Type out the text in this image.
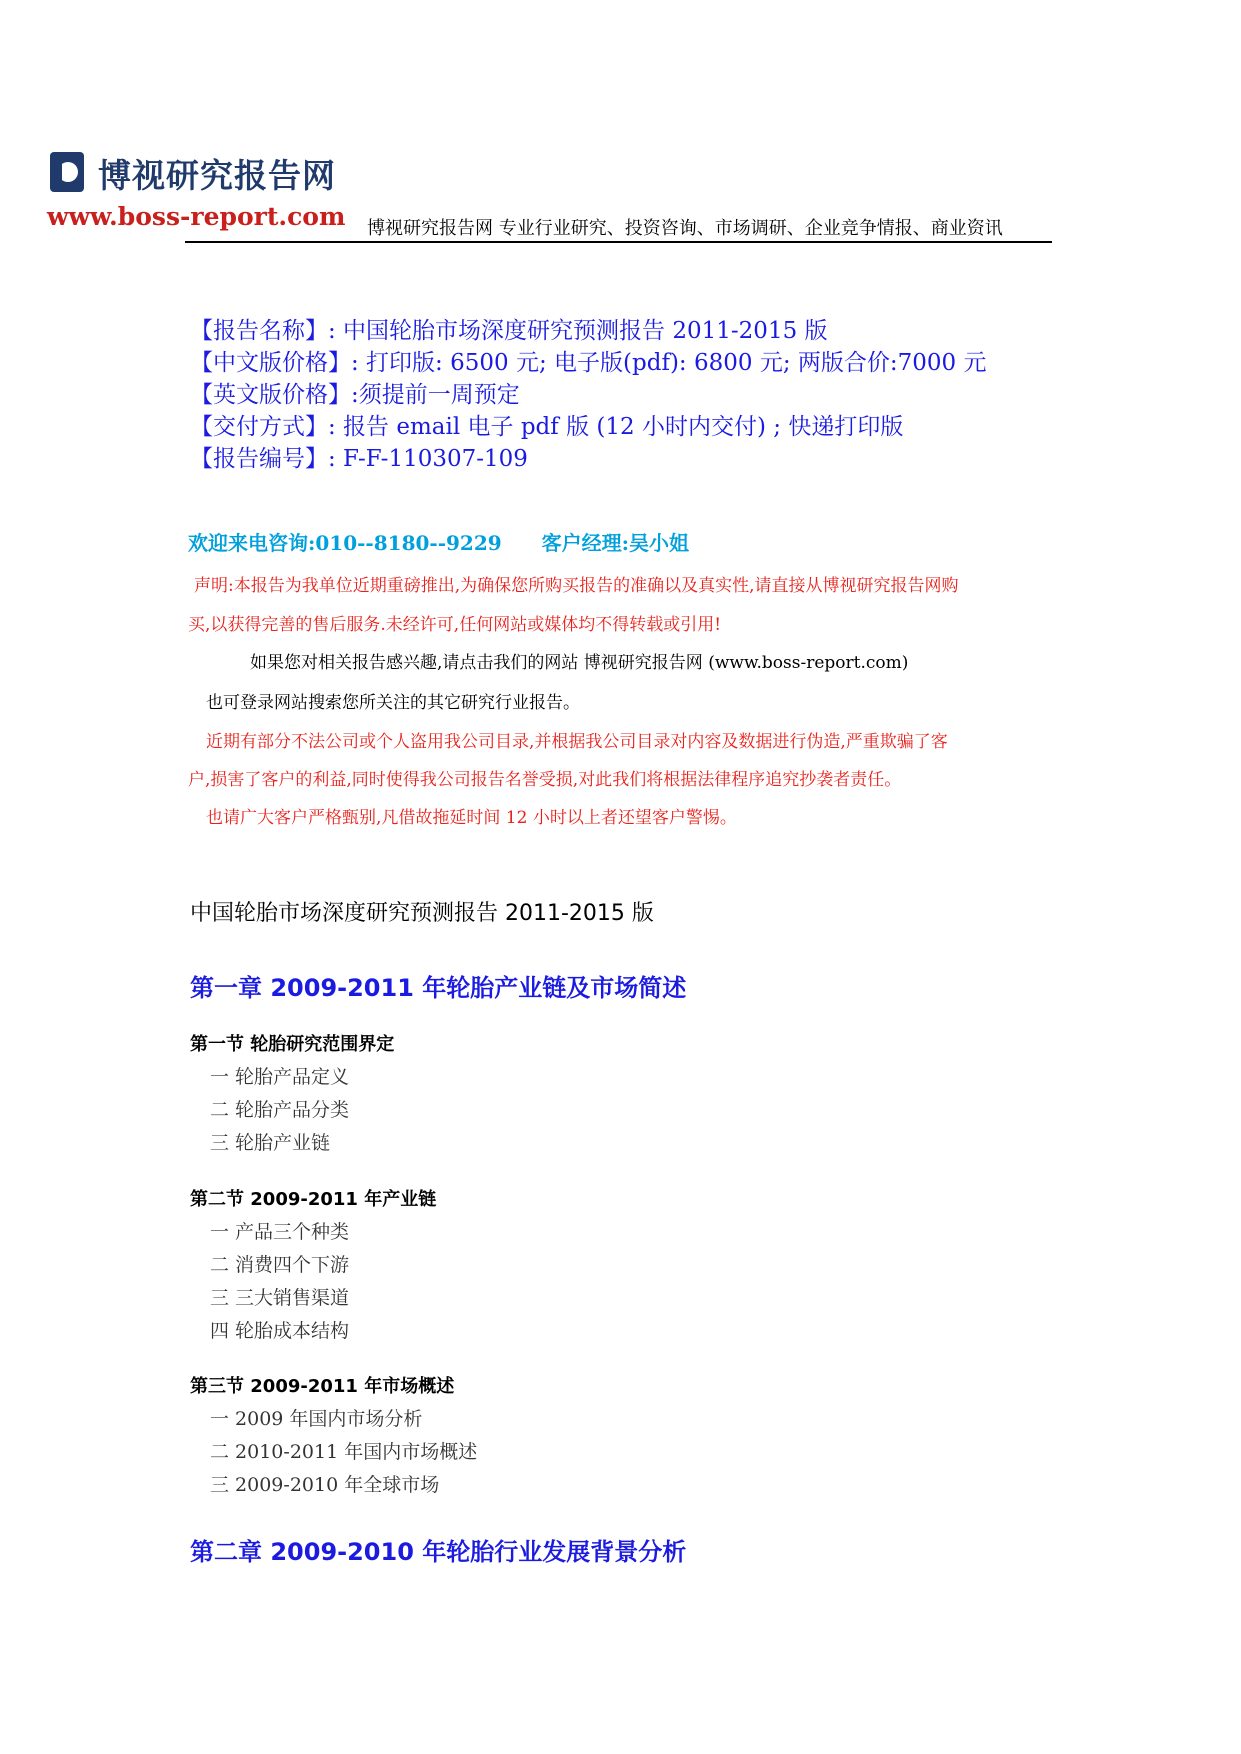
博视研究报告网
www.boss-report.com 博视研究报告网 专业行业研究、投资咨询、市场调研、企业竞争情报、商业资讯
【报告名称】: 中国轮胎市场深度研究预测报告 2011-2015 版
【中文版价格】: 打印版: 6500 元; 电子版(pdf): 6800 元; 两版合价:7000 元
【英文版价格】:须提前一周预定
【交付方式】: 报告 email 电子 pdf 版 (12 小时内交付) ; 快递打印版
【报告编号】: F-F-110307-109
欢迎来电咨询:010--8180--9229 客户经理:吴小姐
声明:本报告为我单位近期重磅推出,为确保您所购买报告的准确以及真实性,请直接从博视研究报告网购
买,以获得完善的售后服务.未经许可,任何网站或媒体均不得转载或引用!
如果您对相关报告感兴趣,请点击我们的网站 博视研究报告网 (www.boss-report.com)
也可登录网站搜索您所关注的其它研究行业报告。
近期有部分不法公司或个人盗用我公司目录,并根据我公司目录对内容及数据进行伪造,严重欺骗了客
户,损害了客户的利益,同时使得我公司报告名誉受损,对此我们将根据法律程序追究抄袭者责任。
也请广大客户严格甄别,凡借故拖延时间 12 小时以上者还望客户警惕。
中国轮胎市场深度研究预测报告 2011-2015 版
第一章 2009-2011 年轮胎产业链及市场简述
第一节 轮胎研究范围界定
一 轮胎产品定义
二 轮胎产品分类
三 轮胎产业链
第二节 2009-2011 年产业链
一 产品三个种类
二 消费四个下游
三 三大销售渠道
四 轮胎成本结构
第三节 2009-2011 年市场概述
一 2009 年国内市场分析
二 2010-2011 年国内市场概述
三 2009-2010 年全球市场
第二章 2009-2010 年轮胎行业发展背景分析
